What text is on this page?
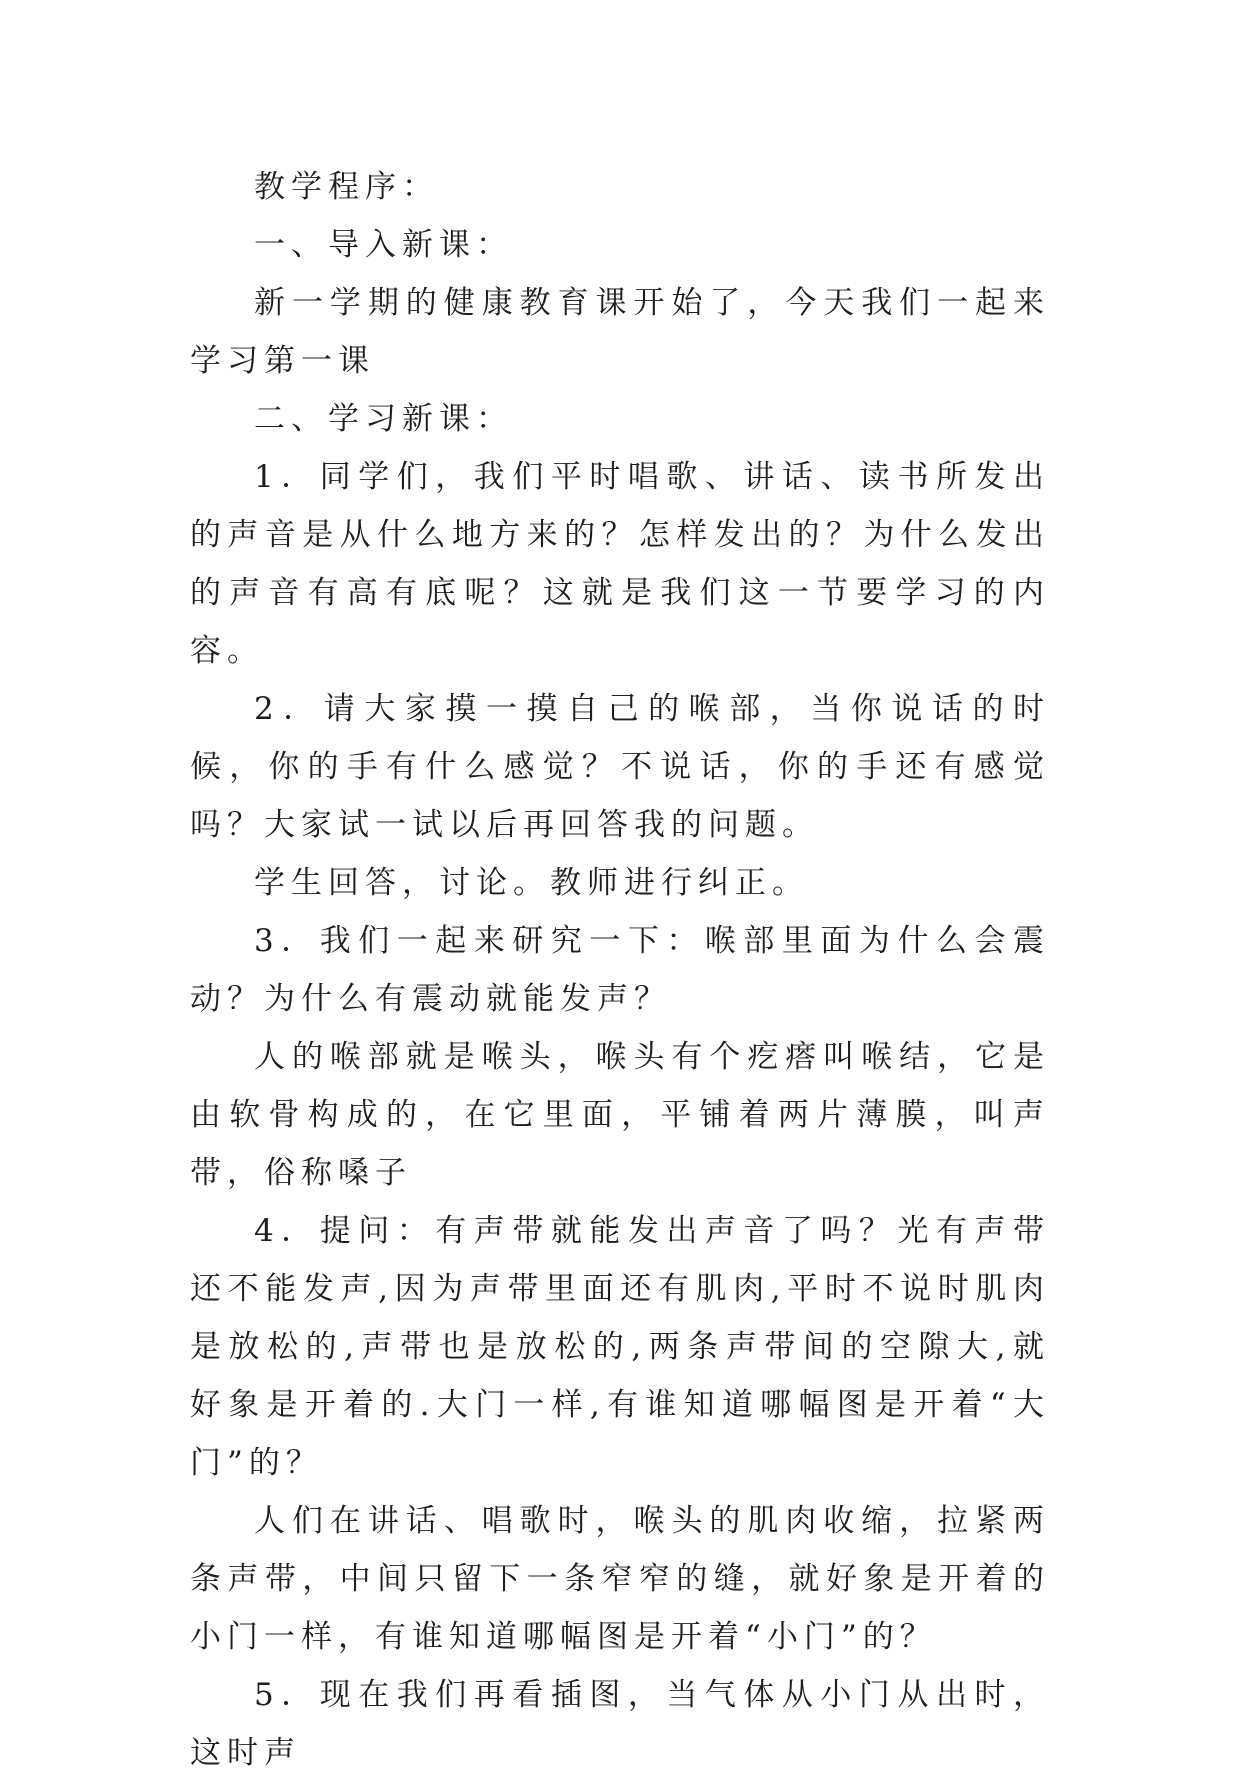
教学程序：

一、导入新课：

新一学期的健康教育课开始了，今天我们一起来学习第一课

二、学习新课：

1．同学们，我们平时唱歌、讲话、读书所发出的声音是从什么地方来的？怎样发出的？为什么发出的声音有高有底呢？这就是我们这一节要学习的内容。

2．请大家摸一摸自己的喉部，当你说话的时候，你的手有什么感觉？不说话，你的手还有感觉吗？大家试一试以后再回答我的问题。

学生回答，讨论。教师进行纠正。

3．我们一起来研究一下：喉部里面为什么会震动？为什么有震动就能发声？

人的喉部就是喉头，喉头有个疙瘩叫喉结，它是由软骨构成的，在它里面，平铺着两片薄膜，叫声带，俗称嗓子

4．提问：有声带就能发出声音了吗？光有声带还不能发声,因为声带里面还有肌肉,平时不说时肌肉是放松的,声带也是放松的,两条声带间的空隙大,就好象是开着的.大门一样,有谁知道哪幅图是开着“大门”的？

人们在讲话、唱歌时，喉头的肌肉收缩，拉紧两条声带，中间只留下一条窄窄的缝，就好象是开着的小门一样，有谁知道哪幅图是开着“小门”的？

5．现在我们再看插图，当气体从小门从出时，这时声
